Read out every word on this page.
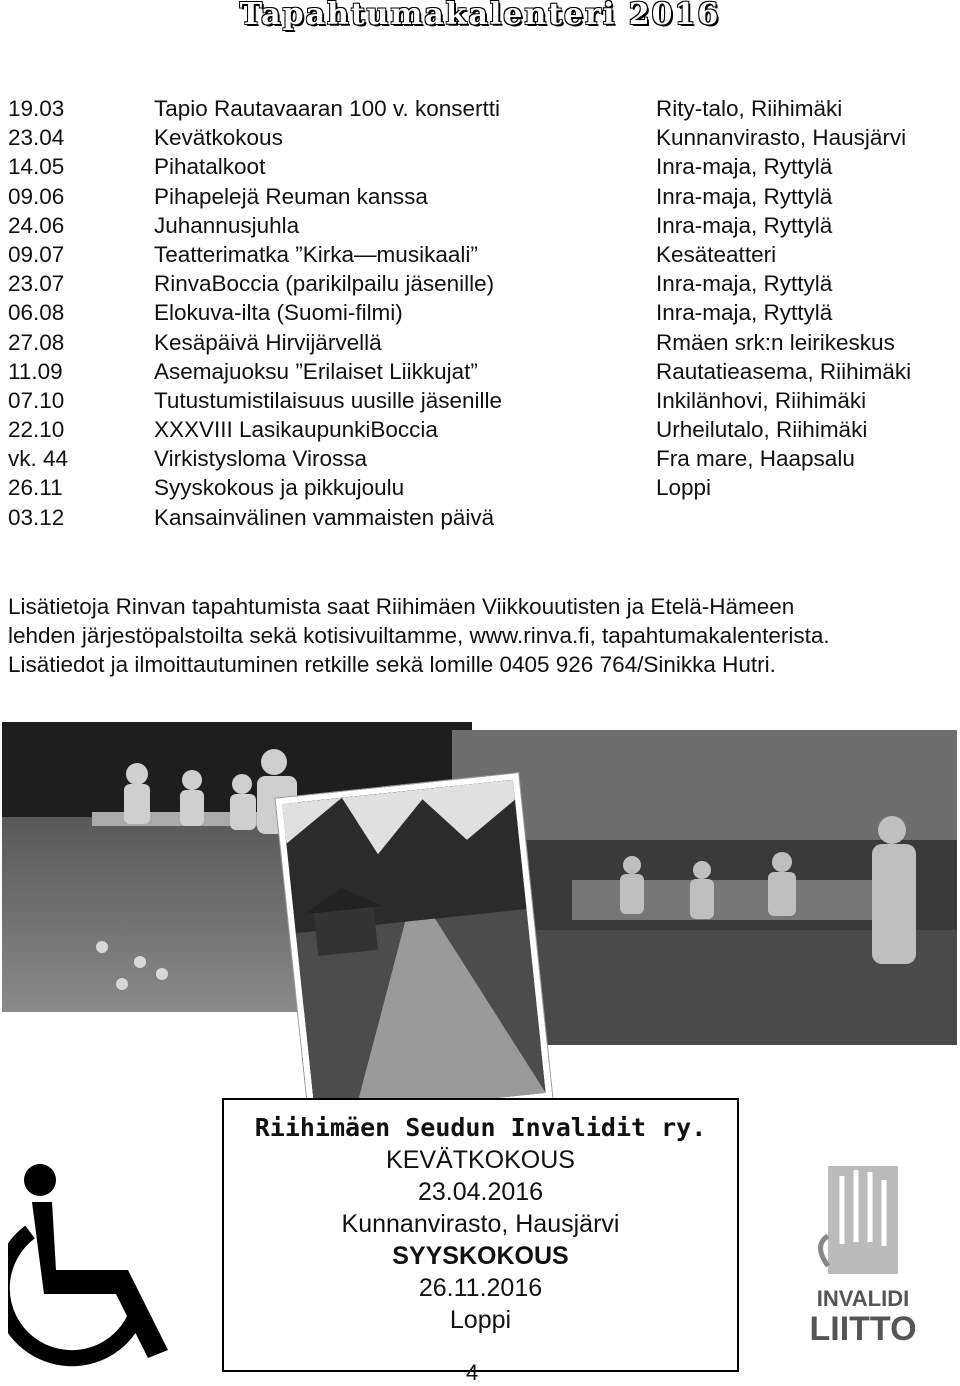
Tapahtumakalenteri 2016
19.03	Tapio Rautavaaran 100 v. konsertti	Rity-talo, Riihimäki
23.04	Kevätkokous	Kunnanvirasto, Hausjärvi
14.05	Pihatalkoot	Inra-maja, Ryttylä
09.06	Pihapelejä Reuman kanssa	Inra-maja, Ryttylä
24.06	Juhannusjuhla	Inra-maja, Ryttylä
09.07	Teatterimatka ”Kirka—musikaali”	Kesäteatteri
23.07	RinvaBoccia (parikilpailu jäsenille)	Inra-maja, Ryttylä
06.08	Elokuva-ilta (Suomi-filmi)	Inra-maja, Ryttylä
27.08	Kesäpäivä Hirvijärvellä	Rmäen srk:n leirikeskus
11.09	Asemajuoksu ”Erilaiset Liikkujat”	Rautatieasema, Riihimäki
07.10	Tutustumistilaisuus uusille jäsenille	Inkilänhovi, Riihimäki
22.10	XXXVIII LasikaupunkiBoccia	Urheilutalo, Riihimäki
vk. 44	Virkistysloma Virossa	Fra mare, Haapsalu
26.11	Syyskokous ja pikkujoulu	Loppi
03.12	Kansainvälinen vammaisten päivä

Lisätietoja Rinvan tapahtumista saat Riihimäen Viikkouutisten ja Etelä-Hämeen

lehden järjestöpalstoilta sekä kotisivuiltamme, www.rinva.fi, tapahtumakalenterista.

Lisätiedot ja ilmoittautuminen retkille sekä lomille 0405 926 764/Sinikka Hutri.

Riihimäen Seudun Invalidit ry.
KEVÄTKOKOUS
23.04.2016
Kunnanvirasto, Hausjärvi
SYYSKOKOUS
26.11.2016
Loppi
INVALIDI
LIITTO
4
